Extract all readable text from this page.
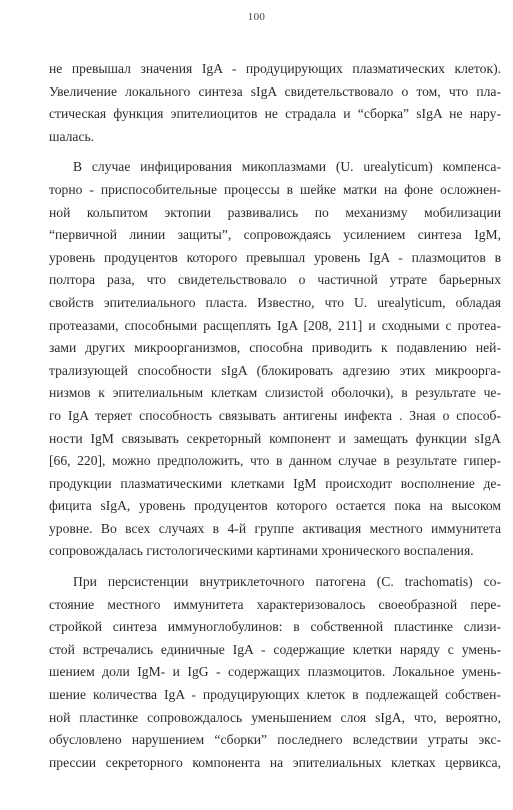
100

не превышал значения IgA - продуцирующих плазматических клеток).
Увеличение локального синтеза sIgA свидетельствовало о том, что пла-
стическая функция эпителиоцитов не страдала и “сборка” sIgA не нару-
шалась.

В случае инфицирования микоплазмами (U. urealyticum) компенса-
торно - приспособительные процессы в шейке матки на фоне осложнен-
ной кольпитом эктопии развивались по механизму мобилизации
“первичной линии защиты”, сопровождаясь усилением синтеза IgM,
уровень продуцентов которого превышал уровень IgA - плазмоцитов в
полтора раза, что свидетельствовало о частичной утрате барьерных
свойств эпителиального пласта. Известно, что U. urealyticum, обладая
протеазами, способными расщеплять IgA [208, 211] и сходными с протеа-
зами других микроорганизмов, способна приводить к подавлению ней-
трализующей способности sIgA (блокировать адгезию этих микроорга-
низмов к эпителиальным клеткам слизистой оболочки), в результате че-
го IgA теряет способность связывать антигены инфекта . Зная о способ-
ности IgM связывать секреторный компонент и замещать функции sIgA
[66, 220], можно предположить, что в данном случае в результате гипер-
продукции плазматическими клетками IgM происходит восполнение де-
фицита sIgA, уровень продуцентов которого остается пока на высоком
уровне. Во всех случаях в 4-й группе активация местного иммунитета
сопровождалась гистологическими картинами хронического воспаления.

При персистенции внутриклеточного патогена (C. trachomatis) со-
стояние местного иммунитета характеризовалось своеобразной пере-
стройкой синтеза иммуноглобулинов: в собственной пластинке слизи-
стой встречались единичные IgA - содержащие клетки наряду с умень-
шением доли IgM- и IgG - содержащих плазмоцитов. Локальное умень-
шение количества IgA - продуцирующих клеток в подлежащей собствен-
ной пластинке сопровождалось уменьшением слоя sIgA, что, вероятно,
обусловлено нарушением “сборки” последнего вследствии утраты экс-
прессии секреторного компонента на эпителиальных клетках цервикса,
